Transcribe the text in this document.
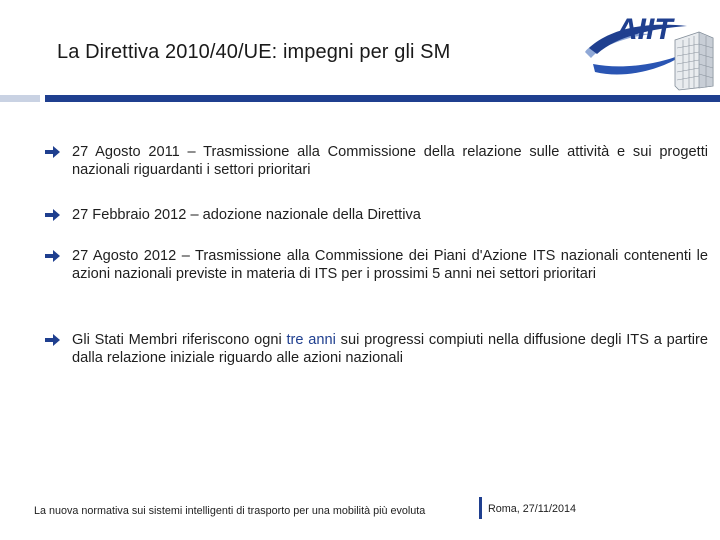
La Direttiva 2010/40/UE: impegni per gli SM
AIIT
27 Agosto 2011 – Trasmissione alla Commissione della relazione sulle attività e sui progetti nazionali riguardanti i settori prioritari
27 Febbraio 2012 – adozione nazionale della Direttiva
27 Agosto 2012 – Trasmissione alla Commissione dei Piani d'Azione ITS nazionali contenenti le azioni nazionali previste in materia di ITS per i prossimi 5 anni nei settori prioritari
Gli Stati Membri riferiscono ogni tre anni sui progressi compiuti nella diffusione degli ITS a partire dalla relazione iniziale riguardo alle azioni nazionali
La nuova normativa sui sistemi intelligenti di trasporto per una mobilità più evoluta	Roma, 27/11/2014
